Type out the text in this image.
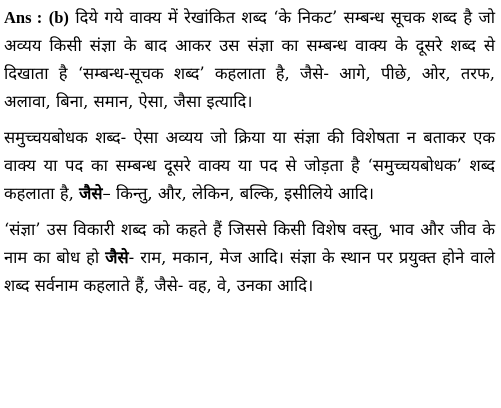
Ans : (b) दिये गये वाक्य में रेखांकित शब्द ‘के निकट’ सम्बन्ध सूचक शब्द है जो अव्यय किसी संज्ञा के बाद आकर उस संज्ञा का सम्बन्ध वाक्य के दूसरे शब्द से दिखाता है ‘सम्बन्ध-सूचक शब्द’ कहलाता है, जैसे- आगे, पीछे, ओर, तरफ, अलावा, बिना, समान, ऐसा, जैसा इत्यादि।

समुच्चयबोधक शब्द- ऐसा अव्यय जो क्रिया या संज्ञा की विशेषता न बताकर एक वाक्य या पद का सम्बन्ध दूसरे वाक्य या पद से जोड़ता है ‘समुच्चयबोधक’ शब्द कहलाता है, जैसे– किन्तु, और, लेकिन, बल्कि, इसीलिये आदि।

‘संज्ञा’ उस विकारी शब्द को कहते हैं जिससे किसी विशेष वस्तु, भाव और जीव के नाम का बोध हो जैसे- राम, मकान, मेज आदि। संज्ञा के स्थान पर प्रयुक्त होने वाले शब्द सर्वनाम कहलाते हैं, जैसे- वह, वे, उनका आदि।
